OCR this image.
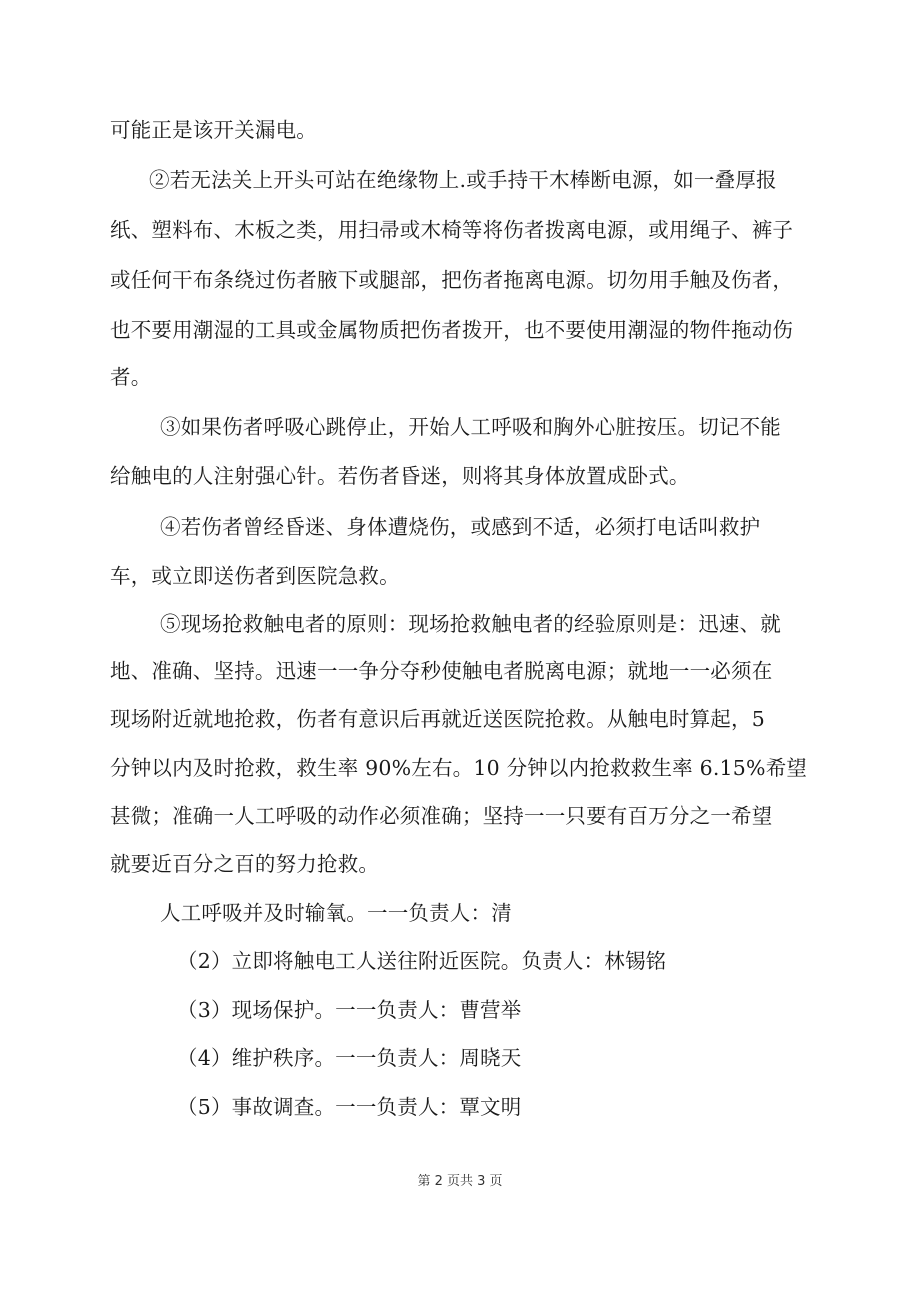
可能正是该开关漏电。
②若无法关上开头可站在绝缘物上.或手持干木棒断电源，如一叠厚报
纸、塑料布、木板之类，用扫帚或木椅等将伤者拨离电源，或用绳子、裤子
或任何干布条绕过伤者腋下或腿部，把伤者拖离电源。切勿用手触及伤者，
也不要用潮湿的工具或金属物质把伤者拨开，也不要使用潮湿的物件拖动伤
者。
③如果伤者呼吸心跳停止，开始人工呼吸和胸外心脏按压。切记不能
给触电的人注射强心针。若伤者昏迷，则将其身体放置成卧式。
④若伤者曾经昏迷、身体遭烧伤，或感到不适，必须打电话叫救护
车，或立即送伤者到医院急救。
⑤现场抢救触电者的原则：现场抢救触电者的经验原则是：迅速、就
地、准确、坚持。迅速一一争分夺秒使触电者脱离电源；就地一一必须在
现场附近就地抢救，伤者有意识后再就近送医院抢救。从触电时算起，5
分钟以内及时抢救，救生率 90%左右。10 分钟以内抢救救生率 6.15%希望
甚微；准确一人工呼吸的动作必须准确；坚持一一只要有百万分之一希望
就要近百分之百的努力抢救。
人工呼吸并及时输氧。一一负责人：清
（2）立即将触电工人送往附近医院。负责人：林锡铭
（3）现场保护。一一负责人：曹营举
（4）维护秩序。一一负责人：周晓天
（5）事故调查。一一负责人：覃文明
第 2 页共 3 页
